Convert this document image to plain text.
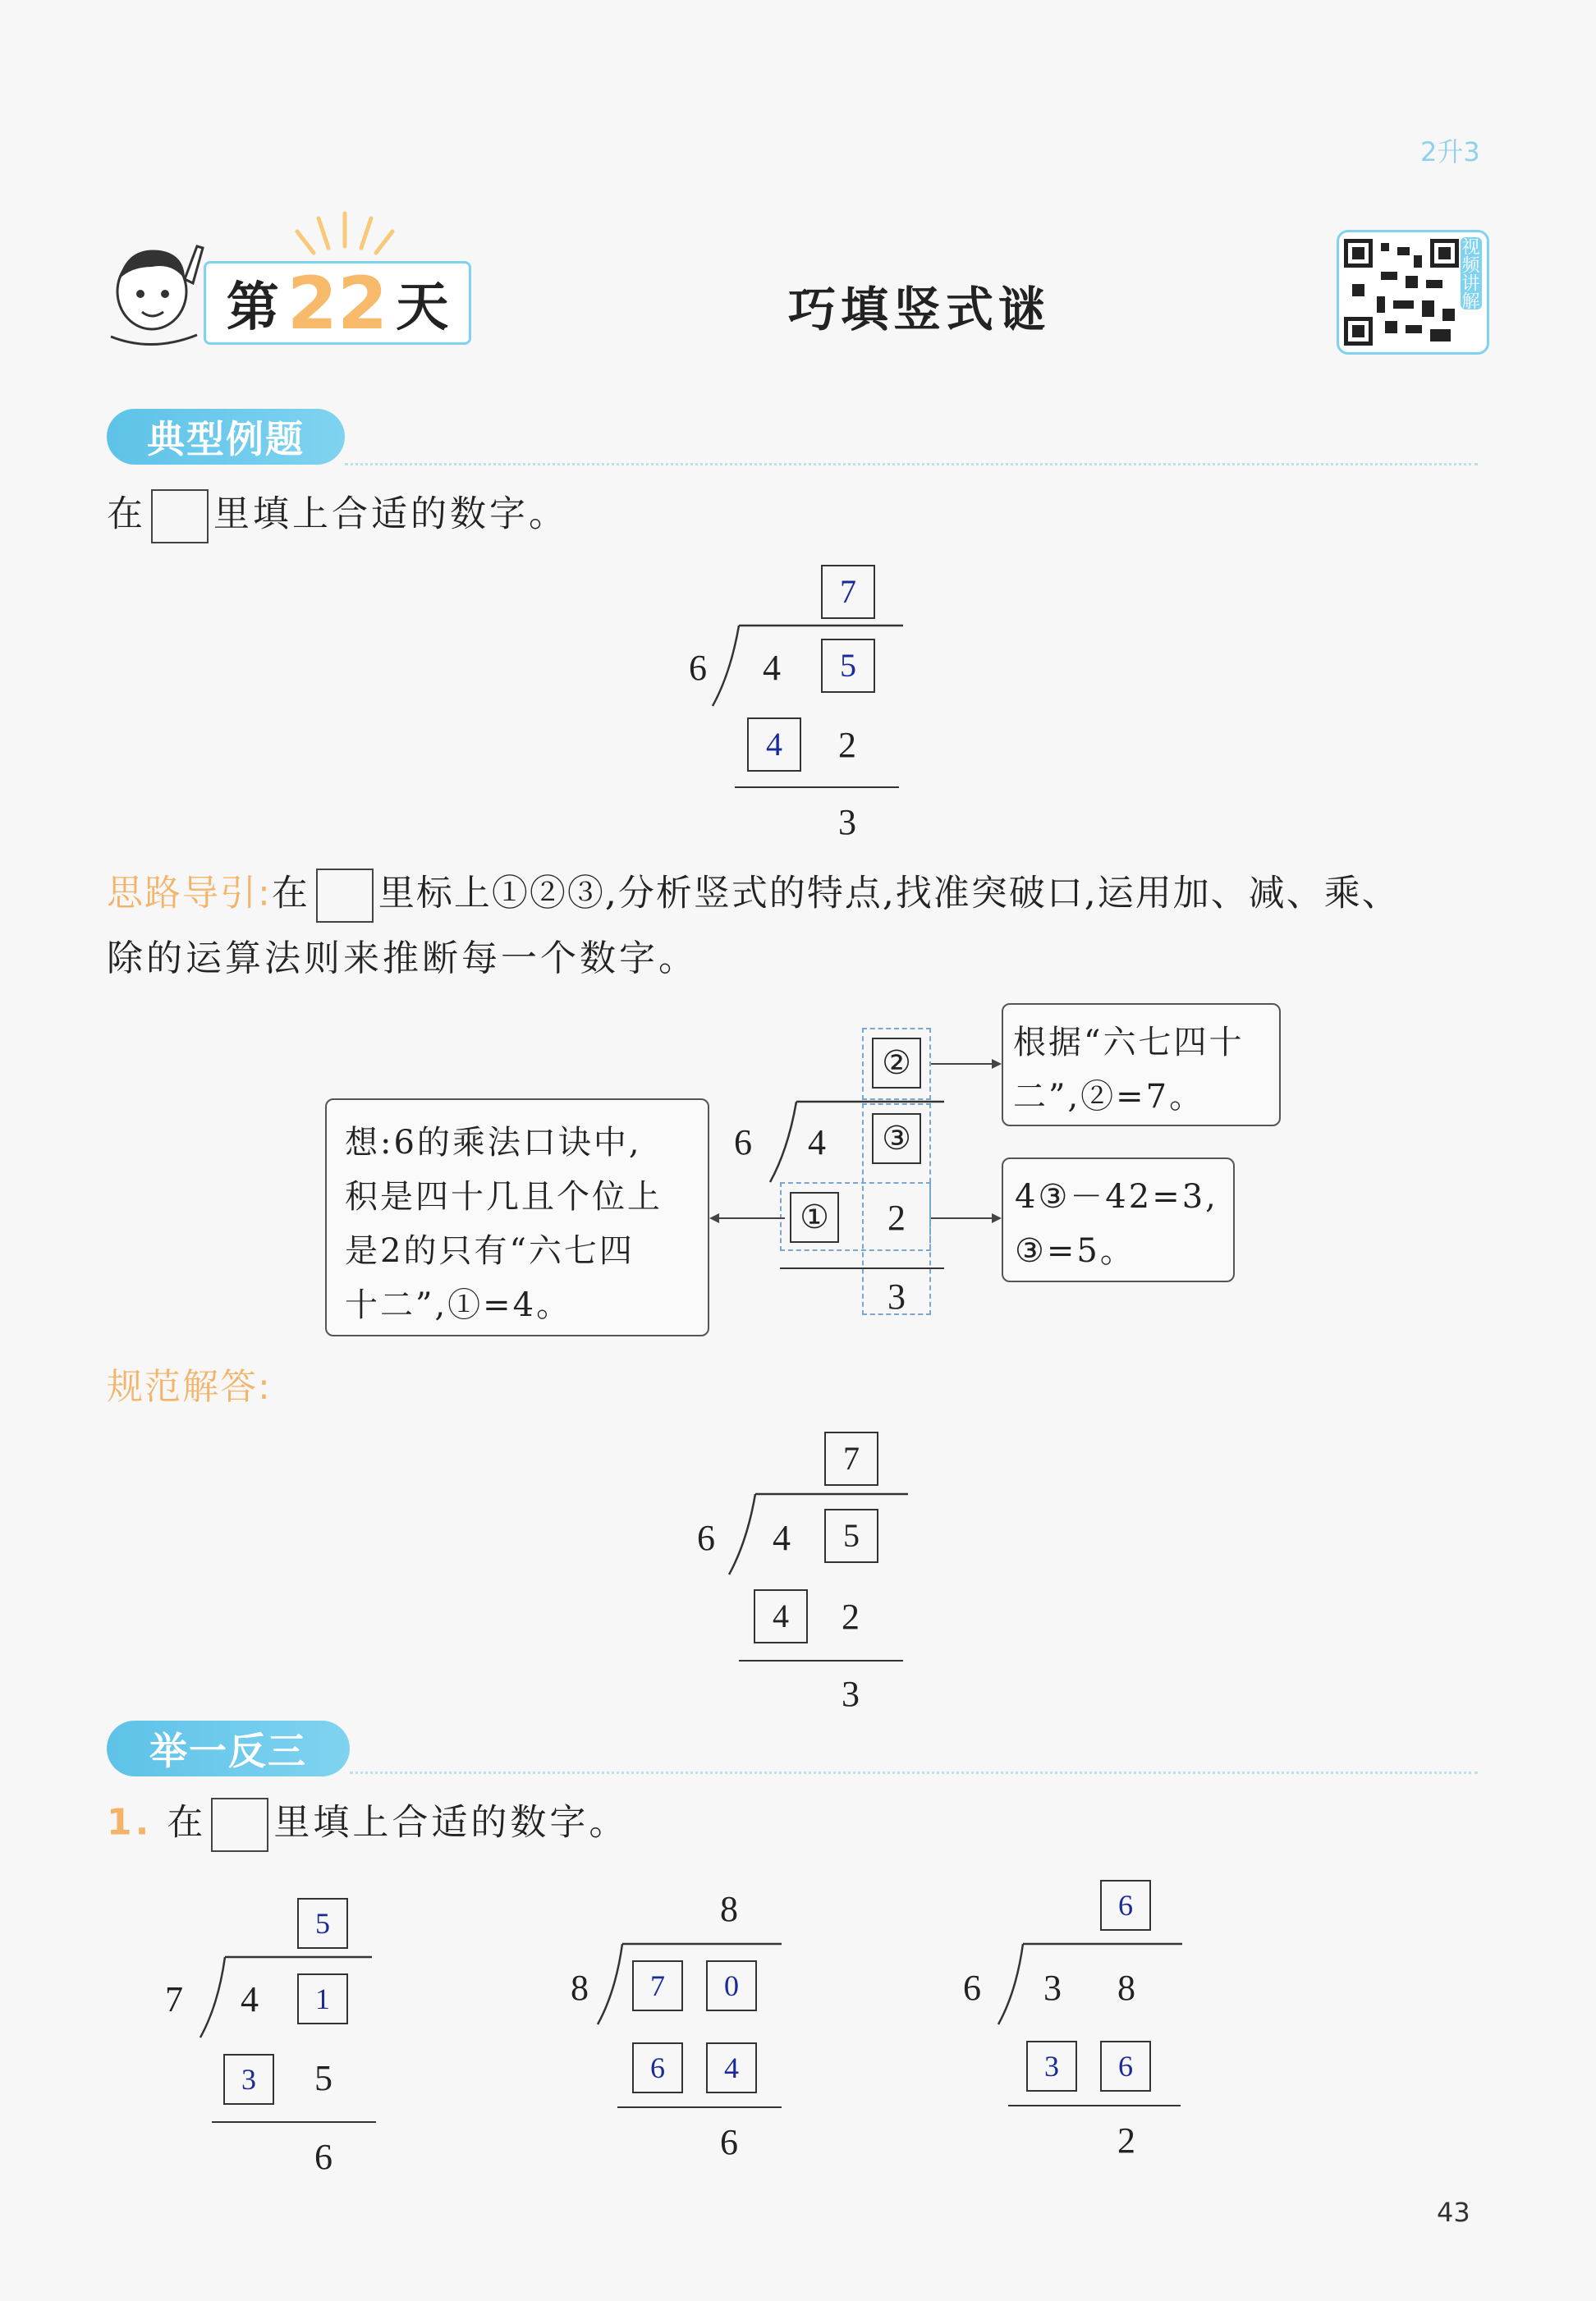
2升3
第 22 天	巧填竖式谜	视频讲解
典型例题
在 里填上合适的数字。
7
6 4	5
4	2
3
思路导引:在 里标上①②③,分析竖式的特点,找准突破口,运用加、减、乘、
除的运算法则来推断每一个数字。
想:6的乘法口诀中,
积是四十几且个位上
是2的只有“六七四
十二”,①=4。
②
6 4	③
① 2
3
根据“六七四十
二”,②=7。
4③－42=3,
③=5。
规范解答:
7
6 4	5
4	2
3
举一反三
1. 在 里填上合适的数字。
5
7 4	1
3	5
6
8
8	7	0
6	4
6
6
6 3 8
3	6
2
43
